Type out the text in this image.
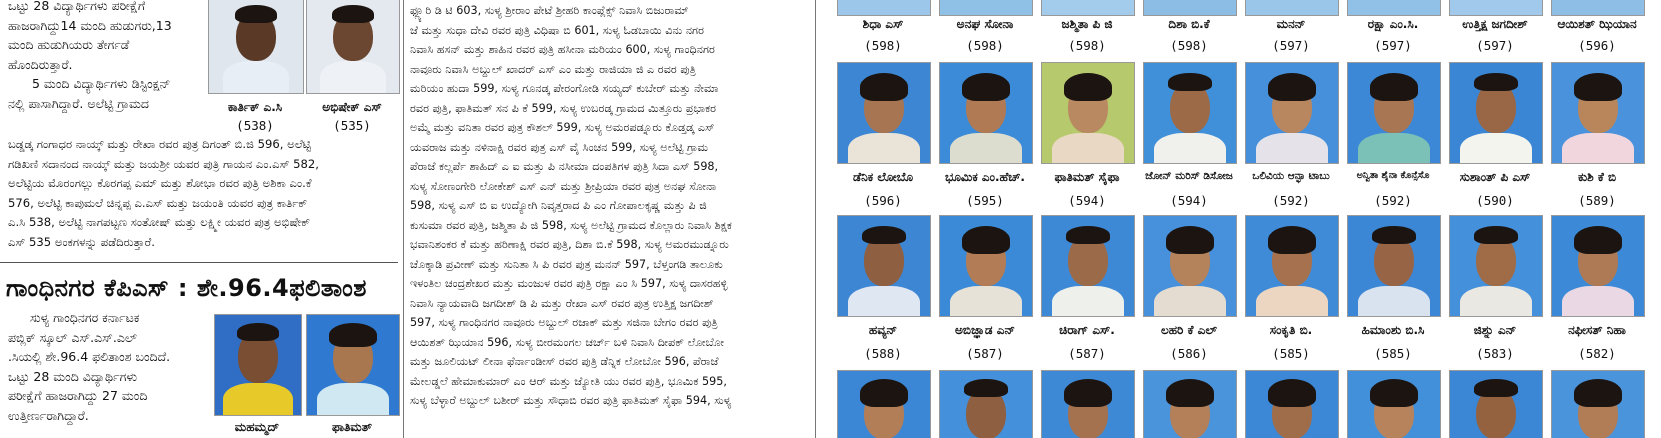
ಒಟ್ಟು 28 ವಿದ್ಯಾರ್ಥಿಗಳು ಪರೀಕ್ಷೆಗೆ

ಹಾಜರಾಗಿದ್ದು14 ಮಂದಿ ಹುಡುಗರು,13

ಮಂದಿ ಹುಡುಗಿಯರು ತೇರ್ಗಡೆ

ಹೊಂದಿರುತ್ತಾರೆ.

5 ಮಂದಿ ವಿದ್ಯಾರ್ಥಿಗಳು ಡಿಸ್ಟಿಂಕ್ಷನ್

ನಲ್ಲಿ ಪಾಸಾಗಿದ್ದಾರೆ. ಅಲೆಟ್ಟಿ ಗ್ರಾಮದ	ಕಾರ್ತಿಕ್ ಎ.ಸಿ	ಅಭಿಷೇಕ್ ಎಸ್
(538)	(535)

ಬಡ್ಡಡ್ಕ ಗಂಗಾಧರ ನಾಯ್ಕ್ ಮತ್ತು ರೇಖಾ ರವರ ಪುತ್ರ ದಿಗಂತ್ ಬಿ.ಜಿ 596, ಅಲೆಟ್ಟಿ

ಗಡಿಖಣಿ ಸದಾನಂದ ನಾಯ್ಕ್ ಮತ್ತು ಜಯಶ್ರೀ ಯವರ ಪುತ್ರಿ ಗಾಯನ ಎಂ.ಎಸ್ 582,

ಅಲೆಟ್ಟಿಯ ಮೊರಂಗಲ್ಲು ಕೊರಗಪ್ಪ ಎಮ್ ಮತ್ತು ಶೋಭಾ ರವರ ಪುತ್ರಿ ಅಶಿಕಾ ಎಂ.ಕೆ

576, ಅಲೆಟ್ಟಿ ಕಾಪುಮಲೆ ಚಿನ್ನಪ್ಪ ಎ.ಎಸ್ ಮತ್ತು ಜಯಂತಿ ಯವರ ಪುತ್ರ ಕಾರ್ತಿಕ್

ಎ.ಸಿ 538, ಅಲೆಟ್ಟಿ ನಾಗಪಟ್ಟಣ ಸಂತೋಷ್ ಮತ್ತು ಲಕ್ಷ್ಮೀ ಯವರ ಪುತ್ರ ಅಭಿಷೇಕ್

ಎಸ್ 535 ಅಂಕಗಳನ್ನು ಪಡೆದಿರುತ್ತಾರೆ.

ಗಾಂಧಿನಗರ ಕೆಪಿಎಸ್ : ಶೇ.96.4ಫಲಿತಾಂಶ

ಸುಳ್ಯ ಗಾಂಧಿನಗರ ಕರ್ನಾಟಕ

ಪಬ್ಲಿಕ್ ಸ್ಕೂಲ್ ಎಸ್.ಎಸ್.ಎಲ್

.ಸಿಯಲ್ಲಿ ಶೇ.96.4 ಫಲಿತಾಂಶ ಬಂದಿದೆ.

ಒಟ್ಟು 28 ಮಂದಿ ವಿದ್ಯಾರ್ಥಿಗಳು

ಪರೀಕ್ಷೆಗೆ ಹಾಜರಾಗಿದ್ದು 27 ಮಂದಿ

ಉತ್ತೀರ್ಣರಾಗಿದ್ದಾರೆ.

ಮಹಮ್ಮದ್	ಫಾತಿಮತ್

ಫ್ಲ್ಯೂರಿ ಡಿ ಟಿ 603, ಸುಳ್ಯ ಶ್ರೀರಾಂ ಪೇಟೆ ಶ್ರೀಹರಿ ಕಾಂಪ್ಲೆಕ್ಸ್ ನಿವಾಸಿ ಬಿಜುರಾಮ್

ಜೆ ಮತ್ತು ಸುಧಾ ದೇವಿ ರವರ ಪುತ್ರಿ ವಿಧಿಷಾ ಬಿ 601, ಸುಳ್ಯ ಓಡಬಾಯಿ ವಿನು ನಗರ

ನಿವಾಸಿ ಹಸನ್ ಮತ್ತು ಶಾಹಿನ ರವರ ಪುತ್ರಿ ಹಸೀನಾ ಮರಿಯಂ 600, ಸುಳ್ಯ ಗಾಂಧಿನಗರ

ನಾವೂರು ನಿವಾಸಿ ಅಬ್ದುಲ್ ಖಾದರ್ ಎಸ್ ಎಂ ಮತ್ತು ರಾಜಿಯಾ ಜಿ ಎ ರವರ ಪುತ್ರಿ

ಮರಿಯಂ ಹುದಾ 599, ಸುಳ್ಯ ಗೂನಡ್ಕ ಪೇರಂಗೋಡಿ ಸಯ್ಯದ್ ಕುಬೇರ್ ಮತ್ತು ನೇಮಾ

ರವರ ಪುತ್ರಿ, ಫಾತಿಮತ್ ಸನ ಪಿ ಕೆ 599, ಸುಳ್ಯ ಉಬರಡ್ಕ ಗ್ರಾಮದ ಮಿತ್ತೂರು ಪ್ರಭಾಕರ

ಅಮ್ಮೆ ಮತ್ತು ವನಿತಾ ರವರ ಪುತ್ರ ಕೌಶಲ್ 599, ಸುಳ್ಯ ಅಮರಪಡ್ನೂರು ಕೊಡ್ತಡ್ಕ ಎಸ್

ಯವರಾಜ ಮತ್ತು ನಳಿನಾಕ್ಷಿ ರವರ ಪುತ್ರ ಎಸ್ ವೈ ಸಿಂಚನ 599, ಸುಳ್ಯ ಅಲೆಟ್ಟಿ ಗ್ರಾಮ

ಪೆರಾಜೆ ಕಲ್ಲರ್ಪೆ ಶಾಹಿದ್ ಎ ಐ ಮತ್ತು ಪಿ ನಸೀಮಾ ದಂಪತಿಗಳ ಪುತ್ರಿ ಸಿದಾ ಎಸ್ 598,

ಸುಳ್ಯ ಸೋಣಂಗೇರಿ ಲೋಕೇಶ್ ಎಸ್ ಎನ್ ಮತ್ತು ಶ್ರೀಪ್ರಿಯಾ ರವರ ಪುತ್ರ ಅನಘ ಸೋನಾ

598, ಸುಳ್ಯ ಎಸ್ ಬಿ ಐ ಉದ್ಯೋಗಿ ನಿವೃತ್ತರಾದ ಪಿ ಎಂ ಗೋಪಾಲಕೃಷ್ಣ ಮತ್ತು ಪಿ ಜಿ

ಕುಸುಮಾ ರವರ ಪುತ್ರಿ, ಜಶ್ಮಿತಾ ಪಿ ಜಿ 598, ಸುಳ್ಯ ಅಲೆಟ್ಟಿ ಗ್ರಾಮದ ಕೊಲ್ಲಾರು ನಿವಾಸಿ ಶಿಕ್ಷಕ

ಭವಾನಿಶಂಕರ ಕೆ ಮತ್ತು ಹರಿಣಾಕ್ಷಿ ರವರ ಪುತ್ರಿ, ದಿಶಾ ಬಿ.ಕೆ 598, ಸುಳ್ಯ ಅಮರಮುಡ್ನೂರು

ಚೊಕ್ಕಾಡಿ ಪ್ರವೀಣ್ ಮತ್ತು ಸುನಿತಾ ಸಿ ಪಿ ರವರ ಪುತ್ರ ಮನನ್ 597, ಬೆಳ್ತಂಗಡಿ ತಾಲೂಕು

ಇಳಂತಿಲ ಚಂದ್ರಶೇಖರ ಮತ್ತು ಮಂಜುಳ ರವರ ಪುತ್ರಿ ರಕ್ಷಾ ಎಂ ಸಿ 597, ಸುಳ್ಯ ದಾಸರಹಳ್ಳಿ

ನಿವಾಸಿ ನ್ಯಾಯವಾದಿ ಜಗದೀಶ್ ಡಿ ಪಿ ಮತ್ತು ರೇಖಾ ಎಸ್ ರವರ ಪುತ್ರ ಉತ್ತಿಕ್ಷ ಜಗದೀಶ್

597, ಸುಳ್ಯ ಗಾಂಧಿನಗರ ನಾವೂರು ಅಬ್ದುಲ್ ರಜಾಕ್ ಮತ್ತು ಸಜಿನಾ ಬೇಗಂ ರವರ ಪುತ್ರಿ

ಆಯಿಶತ್ ಝಿಯಾನ 596, ಸುಳ್ಯ ಬೀರಮಂಗಲ ಚರ್ಚ್ ಬಳಿ ನಿವಾಸಿ ದೀಪಕ್ ಲೋಬೋ

ಮತ್ತು ಜೂಲಿಯಟ್ ಲೀನಾ ಫೆರ್ನಾಂಡೀಸ್ ರವರ ಪುತ್ರಿ ಡೆನ್ನಿಕ ಲೋಬೋ 596, ಪೆರಾಜೆ

ಮೇಲಡ್ಡಲೆ ಹೇಮಾಕುಮಾರ್ ಎಂ ಆರ್ ಮತ್ತು ಜ್ಯೋತಿ ಯು ರವರ ಪುತ್ರಿ, ಭೂಮಿಕ 595,

ಸುಳ್ಯ ಬೆಳ್ಳಾರೆ ಅಬ್ದುಲ್ ಬಶೀರ್ ಮತ್ತು ಸೌಧಾಬಿ ರವರ ಪುತ್ರಿ ಫಾತಿಮತ್ ಸೈಫಾ 594, ಸುಳ್ಯ

ಶಿಧಾ ಎಸ್	ಅನಘ ಸೋನಾ	ಜಶ್ಮಿತಾ ಪಿ ಜಿ	ದಿಶಾ ಬಿ.ಕೆ	ಮನನ್	ರಕ್ಷಾ ಎಂ.ಸಿ.	ಉತ್ತಿಕ್ಷ ಜಗದೀಶ್	ಆಯಿಶತ್ ಝಿಯಾನ
(598)	(598)	(598)	(598)	(597)	(597)	(597)	(596)
ಡೆನಿಕ ಲೋಬೊ	ಭೂಮಿಕ ಎಂ.ಹೆಚ್.	ಫಾತಿಮತ್ ಸೈಫಾ	ಜೋನ್ ಮರಿಸ್ ಡಿಸೋಜ	ಒಲಿವಿಯ ಆನ್ಫಾ ಟಾಬು	ಅನ್ವಿತಾ ಶೈನಾ ಕೊನ್ಸೆಸೊ	ಸುಶಾಂತ್ ಪಿ ಎಸ್	ಕುಶಿ ಕೆ ಬಿ
(596)	(595)	(594)	(594)	(592)	(592)	(590)	(589)
ಹವ್ಯನ್	ಅಬಿಜ್ಞಾಡ ಎನ್	ಚಿರಾಗ್ ಎಸ್.	ಲಹರಿ ಕೆ ಎಲ್	ಸಂಕೃತಿ ಬಿ.	ಹಿಮಾಂಶು ಬಿ.ಸಿ	ಜಿಶ್ನು ಎನ್	ನಫೀಸತ್ ನಿಹಾ
(588)	(587)	(587)	(586)	(585)	(585)	(583)	(582)
